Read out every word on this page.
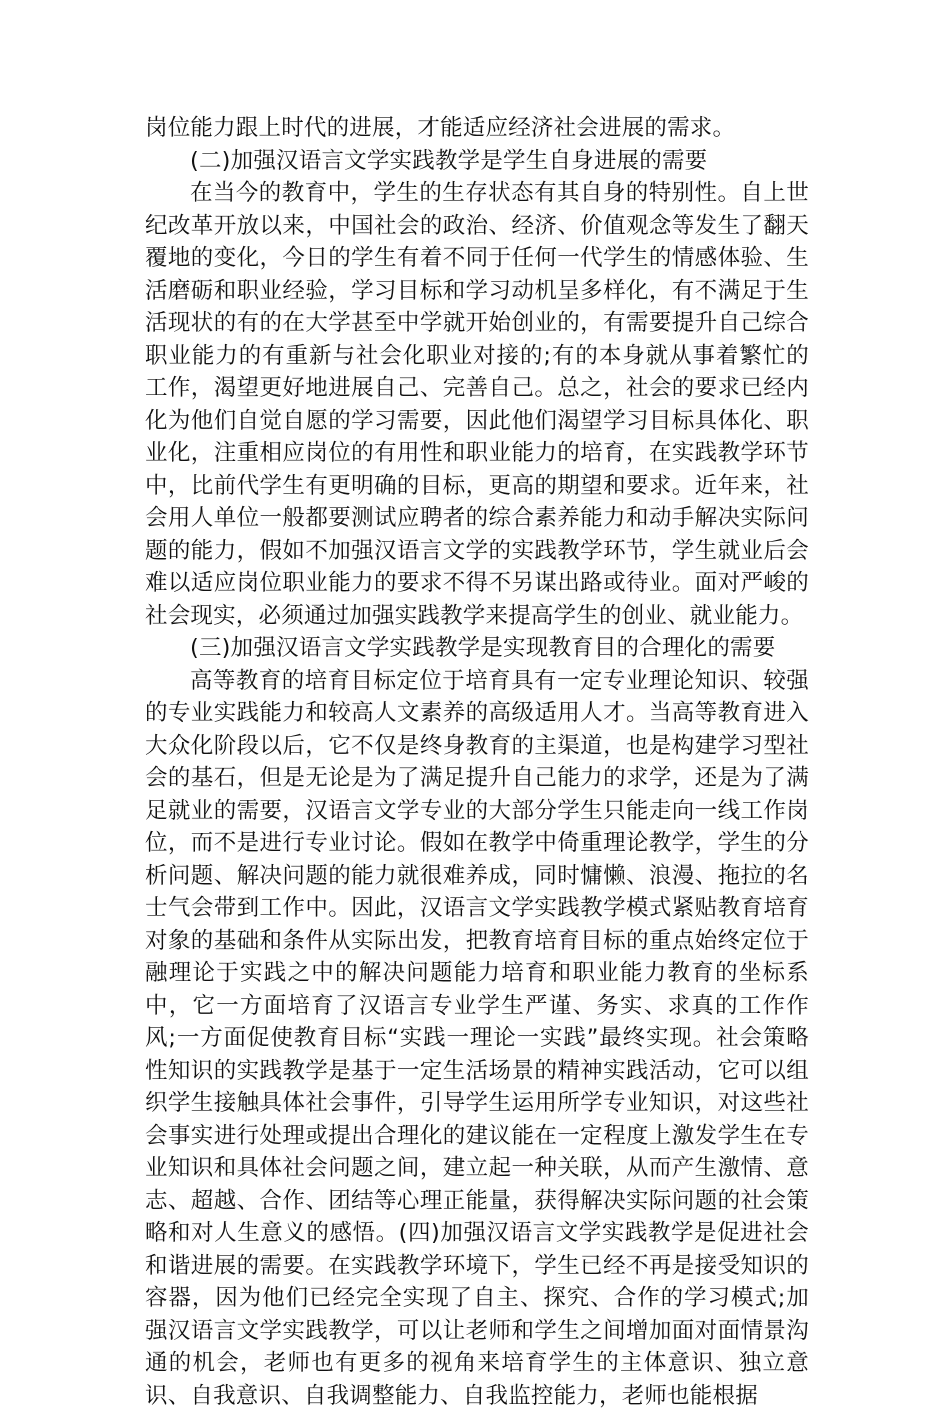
岗位能力跟上时代的进展，才能适应经济社会进展的需求。

(二)加强汉语言文学实践教学是学生自身进展的需要

在当今的教育中，学生的生存状态有其自身的特别性。自上世纪改革开放以来，中国社会的政治、经济、价值观念等发生了翻天覆地的变化，今日的学生有着不同于任何一代学生的情感体验、生活磨砺和职业经验，学习目标和学习动机呈多样化，有不满足于生活现状的有的在大学甚至中学就开始创业的，有需要提升自己综合职业能力的有重新与社会化职业对接的;有的本身就从事着繁忙的工作，渴望更好地进展自己、完善自己。总之，社会的要求已经内化为他们自觉自愿的学习需要，因此他们渴望学习目标具体化、职业化，注重相应岗位的有用性和职业能力的培育，在实践教学环节中，比前代学生有更明确的目标，更高的期望和要求。近年来，社会用人单位一般都要测试应聘者的综合素养能力和动手解决实际问题的能力，假如不加强汉语言文学的实践教学环节，学生就业后会难以适应岗位职业能力的要求不得不另谋出路或待业。面对严峻的社会现实，必须通过加强实践教学来提高学生的创业、就业能力。

(三)加强汉语言文学实践教学是实现教育目的合理化的需要

高等教育的培育目标定位于培育具有一定专业理论知识、较强的专业实践能力和较高人文素养的高级适用人才。当高等教育进入大众化阶段以后，它不仅是终身教育的主渠道，也是构建学习型社会的基石，但是无论是为了满足提升自己能力的求学，还是为了满足就业的需要，汉语言文学专业的大部分学生只能走向一线工作岗位，而不是进行专业讨论。假如在教学中倚重理论教学，学生的分析问题、解决问题的能力就很难养成，同时慵懒、浪漫、拖拉的名士气会带到工作中。因此，汉语言文学实践教学模式紧贴教育培育对象的基础和条件从实际出发，把教育培育目标的重点始终定位于融理论于实践之中的解决问题能力培育和职业能力教育的坐标系中，它一方面培育了汉语言专业学生严谨、务实、求真的工作作风;一方面促使教育目标“实践一理论一实践”最终实现。社会策略性知识的实践教学是基于一定生活场景的精神实践活动，它可以组织学生接触具体社会事件，引导学生运用所学专业知识，对这些社会事实进行处理或提出合理化的建议能在一定程度上激发学生在专业知识和具体社会问题之间，建立起一种关联，从而产生激情、意志、超越、合作、团结等心理正能量，获得解决实际问题的社会策略和对人生意义的感悟。(四)加强汉语言文学实践教学是促进社会和谐进展的需要。在实践教学环境下，学生已经不再是接受知识的容器，因为他们已经完全实现了自主、探究、合作的学习模式;加强汉语言文学实践教学，可以让老师和学生之间增加面对面情景沟通的机会，老师也有更多的视角来培育学生的主体意识、独立意识、自我意识、自我调整能力、自我监控能力，老师也能根据
